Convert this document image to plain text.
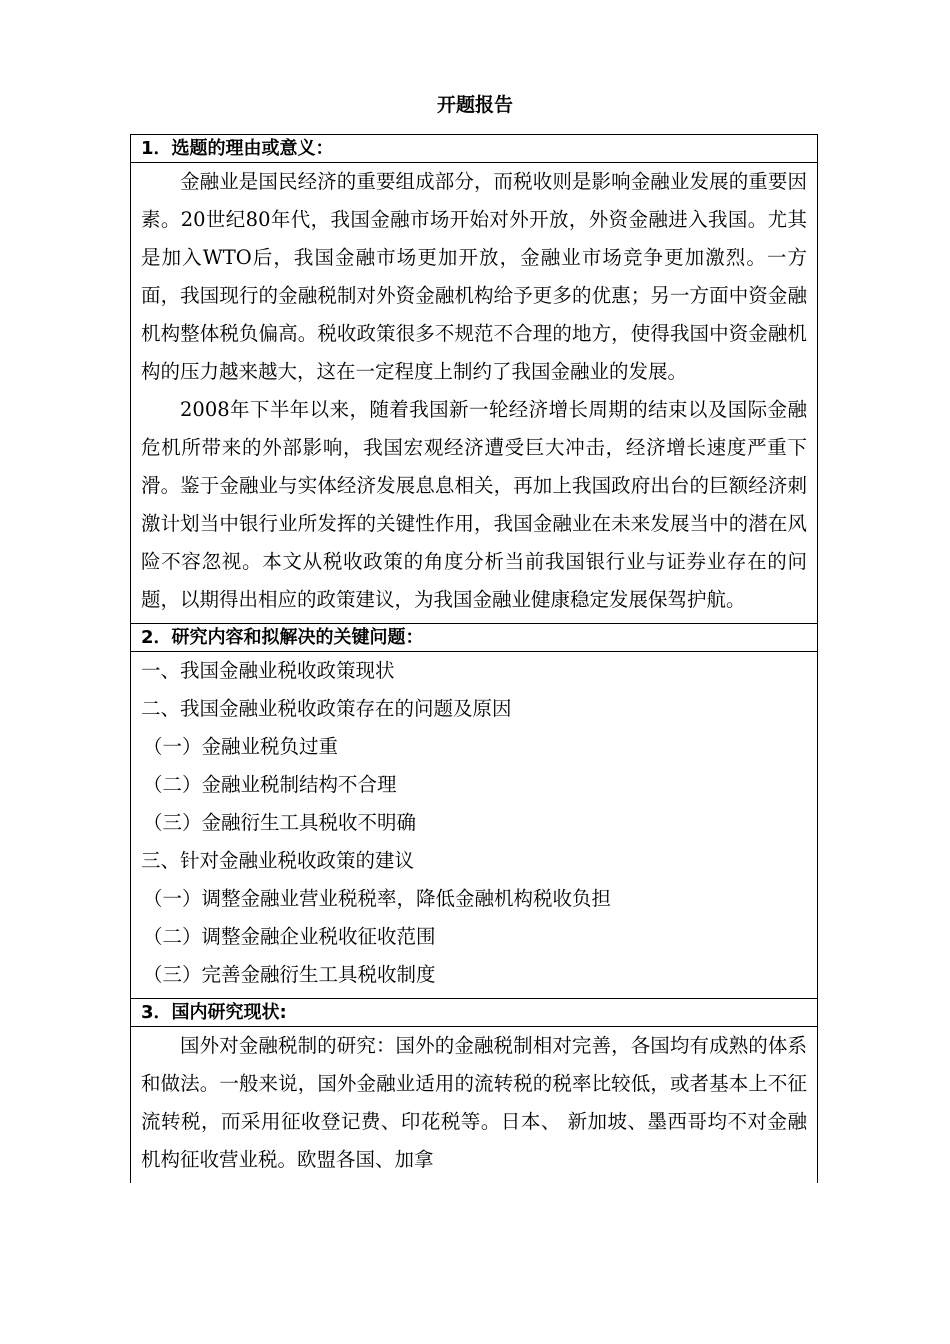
开题报告
1．选题的理由或意义：
金融业是国民经济的重要组成部分，而税收则是影响金融业发展的重要因素。20世纪80年代，我国金融市场开始对外开放，外资金融进入我国。尤其是加入WTO后，我国金融市场更加开放，金融业市场竞争更加激烈。一方面，我国现行的金融税制对外资金融机构给予更多的优惠；另一方面中资金融机构整体税负偏高。税收政策很多不规范不合理的地方，使得我国中资金融机构的压力越来越大，这在一定程度上制约了我国金融业的发展。
2008年下半年以来，随着我国新一轮经济增长周期的结束以及国际金融危机所带来的外部影响，我国宏观经济遭受巨大冲击，经济增长速度严重下滑。鉴于金融业与实体经济发展息息相关，再加上我国政府出台的巨额经济刺激计划当中银行业所发挥的关键性作用，我国金融业在未来发展当中的潜在风险不容忽视。本文从税收政策的角度分析当前我国银行业与证券业存在的问题，以期得出相应的政策建议，为我国金融业健康稳定发展保驾护航。
2．研究内容和拟解决的关键问题：
一、我国金融业税收政策现状
二、我国金融业税收政策存在的问题及原因
（一）金融业税负过重
（二）金融业税制结构不合理
（三）金融衍生工具税收不明确
三、针对金融业税收政策的建议
（一）调整金融业营业税税率，降低金融机构税收负担
（二）调整金融企业税收征收范围
（三）完善金融衍生工具税收制度
3．国内研究现状:
国外对金融税制的研究：国外的金融税制相对完善，各国均有成熟的体系和做法。一般来说，国外金融业适用的流转税的税率比较低，或者基本上不征流转税，而采用征收登记费、印花税等。日本、 新加坡、墨西哥均不对金融机构征收营业税。欧盟各国、加拿
